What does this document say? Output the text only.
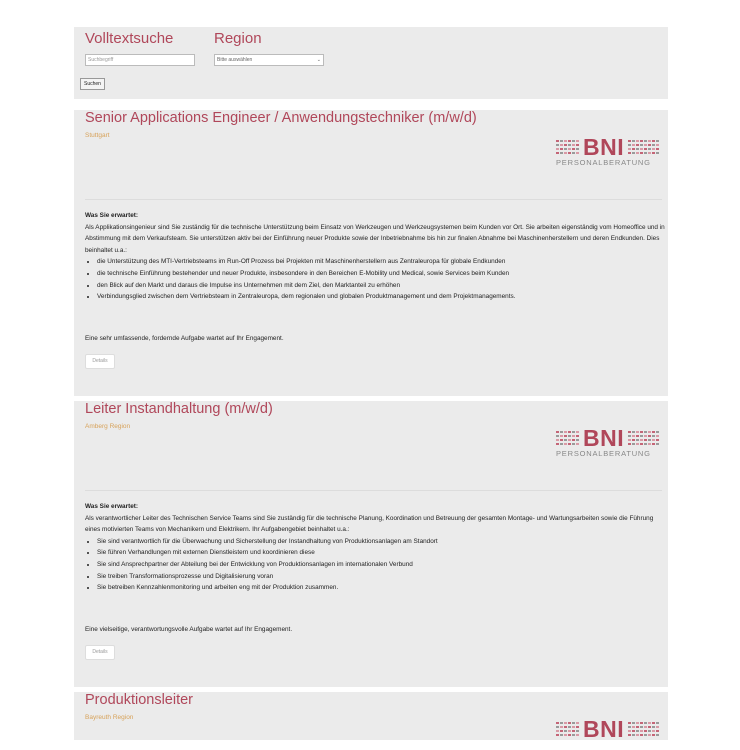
Volltextsuche
Suchbegriff
Region
Bitte auswählen	⌄
Suchen
Senior Applications Engineer / Anwendungstechniker (m/w/d)
Stuttgart	BNI
PERSONALBERATUNG
Was Sie erwartet:
Als Applikationsingenieur sind Sie zuständig für die technische Unterstützung beim Einsatz von Werkzeugen und Werkzeugsystemen beim Kunden vor Ort. Sie arbeiten eigenständig vom Homeoffice und in Abstimmung mit dem Verkaufsteam. Sie unterstützen aktiv bei der Einführung neuer Produkte sowie der Inbetriebnahme bis hin zur finalen Abnahme bei Maschinenherstellern und deren Endkunden. Dies beinhaltet u.a.:
• die Unterstützung des MTI-Vertriebsteams im Run-Off Prozess bei Projekten mit Maschinenherstellern aus Zentraleuropa für globale Endkunden
• die technische Einführung bestehender und neuer Produkte, insbesondere in den Bereichen E-Mobility und Medical, sowie Services beim Kunden
• den Blick auf den Markt und daraus die Impulse ins Unternehmen mit dem Ziel, den Marktanteil zu erhöhen
• Verbindungsglied zwischen dem Vertriebsteam in Zentraleuropa, dem regionalen und globalen Produktmanagement und dem Projektmanagements.
Eine sehr umfassende, fordernde Aufgabe wartet auf Ihr Engagement.
Details
Leiter Instandhaltung (m/w/d)
Amberg Region	BNI
PERSONALBERATUNG
Was Sie erwartet:
Als verantwortlicher Leiter des Technischen Service Teams sind Sie zuständig für die technische Planung, Koordination und Betreuung der gesamten Montage- und Wartungsarbeiten sowie die Führung eines motivierten Teams von Mechanikern und Elektrikern. Ihr Aufgabengebiet beinhaltet u.a.:
• Sie sind verantwortlich für die Überwachung und Sicherstellung der Instandhaltung von Produktionsanlagen am Standort
• Sie führen Verhandlungen mit externen Dienstleistern und koordinieren diese
• Sie sind Ansprechpartner der Abteilung bei der Entwicklung von Produktionsanlagen im internationalen Verbund
• Sie treiben Transformationsprozesse und Digitalisierung voran
• Sie betreiben Kennzahlenmonitoring und arbeiten eng mit der Produktion zusammen.
Eine vielseitige, verantwortungsvolle Aufgabe wartet auf Ihr Engagement.
Details
Produktionsleiter
Bayreuth Region	BNI
